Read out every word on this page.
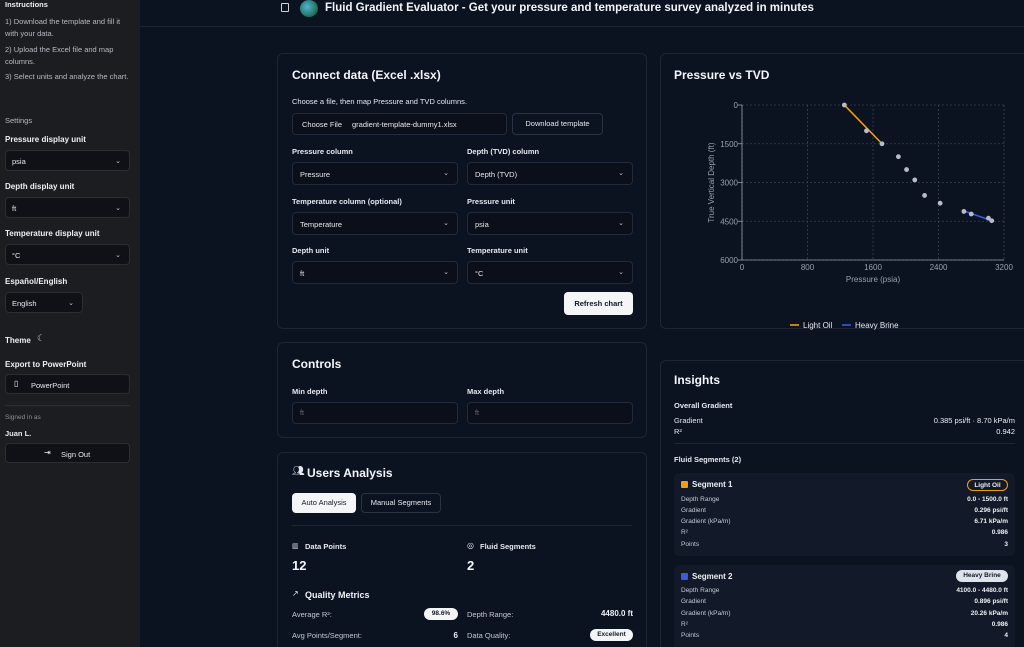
Instructions
1) Download the template and fill it with your data.
2) Upload the Excel file and map columns.
3) Select units and analyze the chart.
Settings
Pressure display unit
psia	⌄
Depth display unit
ft	⌄
Temperature display unit
°C	⌄
Español/English
English	⌄
Theme ☾
Export to PowerPoint
▯ PowerPoint
Signed in as
Juan L.
⇥ Sign Out
Fluid Gradient Evaluator - Get your pressure and temperature survey analyzed in minutes
Connect data (Excel .xlsx)
Choose a file, then map Pressure and TVD columns.
Choose File gradient-template-dummy1.xlsx	Download template
Pressure column
Pressure	⌄
Depth (TVD) column
Depth (TVD)	⌄
Temperature column (optional)
Temperature	⌄
Pressure unit
psia	⌄
Depth unit
ft	⌄
Temperature unit
°C	⌄
Refresh chart
Controls
Min depth
ft
Max depth
ft
👥︎ Users Analysis
Auto Analysis	Manual Segments
▥ Data Points
12
◎ Fluid Segments
2
↗ Quality Metrics
Average R²:	98.6%	Depth Range:	4480.0 ft
Avg Points/Segment:	6 Data Quality:	Excellent
Pressure vs TVD
0	800	1600	2400	3200
0
1500
3000
4500
6000
Pressure (psia)
True Vertical Depth (ft)
Light Oil	Heavy Brine
Insights
Overall Gradient
Gradient	0.385 psi/ft · 8.70 kPa/m
R²	0.942
Fluid Segments (2)
Segment 1	Light Oil
Depth Range	0.0 - 1500.0 ft
Gradient	0.296 psi/ft
Gradient (kPa/m)	6.71 kPa/m
R²	0.986
Points	3
Segment 2	Heavy Brine
Depth Range	4100.0 - 4480.0 ft
Gradient	0.896 psi/ft
Gradient (kPa/m)	20.26 kPa/m
R²	0.986
Points	4
